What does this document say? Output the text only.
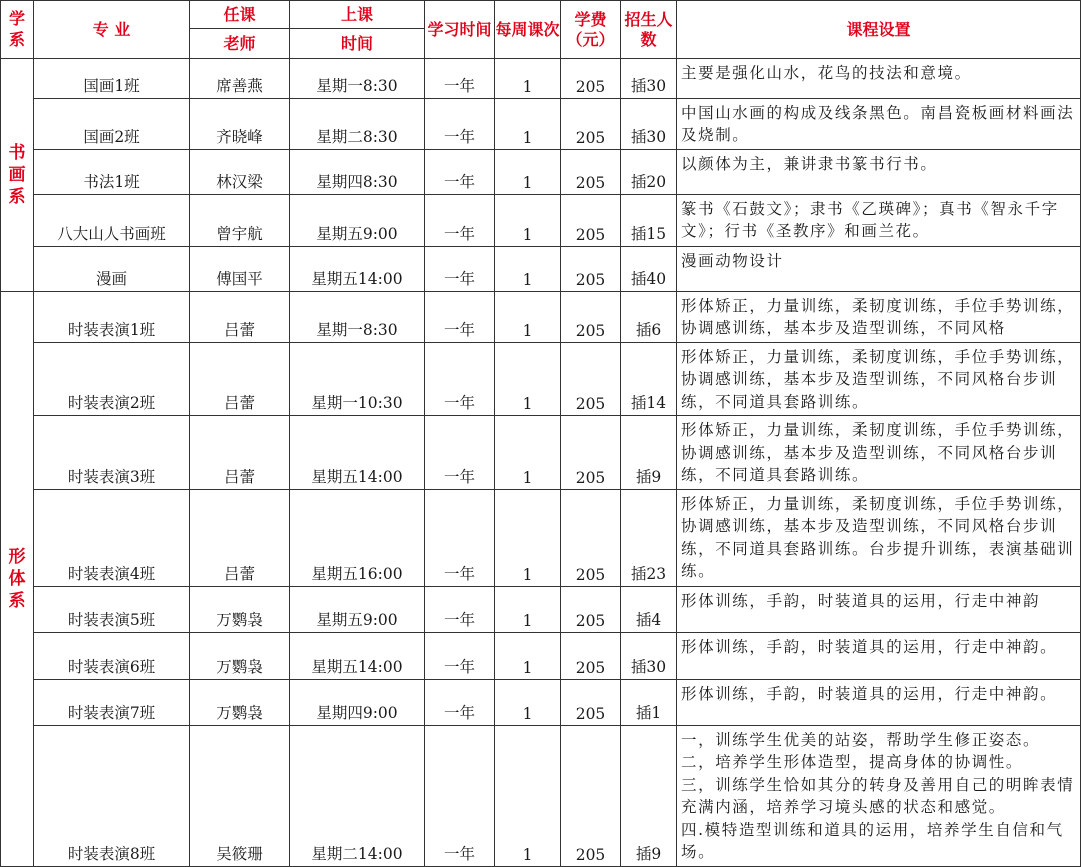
学系	专 业	任课	上课	学习时间	每周课次	学费（元）	招生人数	课程设置
		老师	时间					
书画系	国画1班	席善燕	星期一8:30	一年	1	205	插30	主要是强化山水，花鸟的技法和意境。

	国画2班	齐晓峰	星期二8:30	一年	1	205	插30	中国山水画的构成及线条黑色。南昌瓷板画材料画法及烧制。

	书法1班	林汉梁	星期四8:30	一年	1	205	插20	以颜体为主，兼讲隶书篆书行书。

	八大山人书画班	曾宇航	星期五9:00	一年	1	205	插15	篆书《石鼓文》；隶书《乙瑛碑》；真书《智永千字文》；行书《圣教序》和画兰花。

	漫画	傅国平	星期五14:00	一年	1	205	插40	漫画动物设计

形体系	时装表演1班	吕蕾	星期一8:30	一年	1	205	插6	形体矫正，力量训练，柔韧度训练，手位手势训练，协调感训练，基本步及造型训练，不同风格

	时装表演2班	吕蕾	星期一10:30	一年	1	205	插14	形体矫正，力量训练，柔韧度训练，手位手势训练，协调感训练，基本步及造型训练，不同风格台步训练，不同道具套路训练。

	时装表演3班	吕蕾	星期五14:00	一年	1	205	插9	形体矫正，力量训练，柔韧度训练，手位手势训练，协调感训练，基本步及造型训练，不同风格台步训练，不同道具套路训练。

	时装表演4班	吕蕾	星期五16:00	一年	1	205	插23	形体矫正，力量训练，柔韧度训练，手位手势训练，协调感训练，基本步及造型训练，不同风格台步训练，不同道具套路训练。台步提升训练，表演基础训练。

	时装表演5班	万鹦袅	星期五9:00	一年	1	205	插4	形体训练，手韵，时装道具的运用，行走中神韵

	时装表演6班	万鹦袅	星期五14:00	一年	1	205	插30	形体训练，手韵，时装道具的运用，行走中神韵。

	时装表演7班	万鹦袅	星期四9:00	一年	1	205	插1	形体训练，手韵，时装道具的运用，行走中神韵。

	时装表演8班	吴筱珊	星期二14:00	一年	1	205	插9	一，训练学生优美的站姿，帮助学生修正姿态。
二，培养学生形体造型，提高身体的协调性。
三，训练学生恰如其分的转身及善用自己的明眸表情充满内涵，培养学习境头感的状态和感觉。
四.模特造型训练和道具的运用，培养学生自信和气场。
